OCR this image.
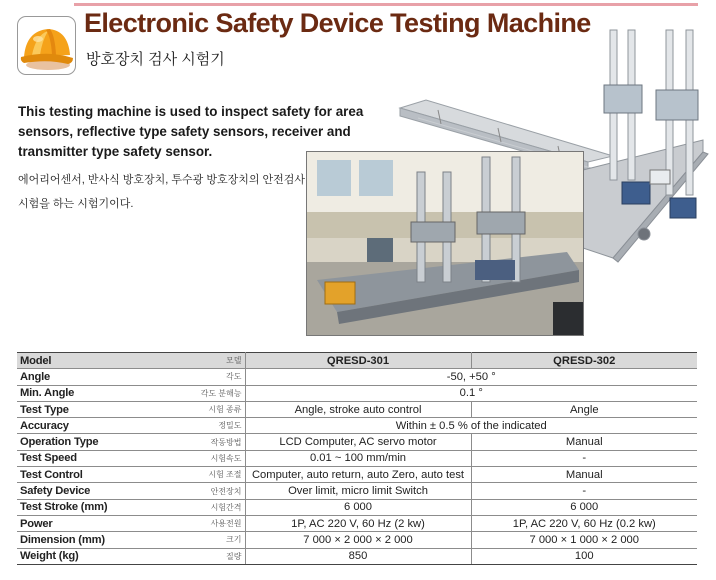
Electronic Safety Device Testing Machine
방호장치 검사 시험기

This testing machine is used to inspect safety for area sensors, reflective type safety sensors, receiver and transmitter type safety sensor.

에어리어센서, 반사식 방호장치, 투수광 방호장치의 안전검사 시험을 하는 시험기이다.

Model	모델	QRESD-301	QRESD-302
Angle	각도	-50, +50 °	
Min. Angle	각도 분해능	0.1 °	
Test Type	시험 종류	Angle, stroke auto control	Angle
Accuracy	정밀도	Within ± 0.5 % of the indicated	
Operation Type	작동방법	LCD Computer, AC servo motor	Manual
Test Speed	시험속도	0.01 ~ 100 mm/min	-
Test Control	시험 조절	Computer, auto return, auto Zero, auto test	Manual
Safety Device	안전장치	Over limit, micro limit Switch	-
Test Stroke (mm)	시험간격	6 000	6 000
Power	사용전원	1P, AC 220 V, 60 Hz (2 kw)	1P, AC 220 V, 60 Hz (0.2 kw)
Dimension (mm)	크기	7 000 × 2 000 × 2 000	7 000 × 1 000 × 2 000
Weight (kg)	질량	850	100
